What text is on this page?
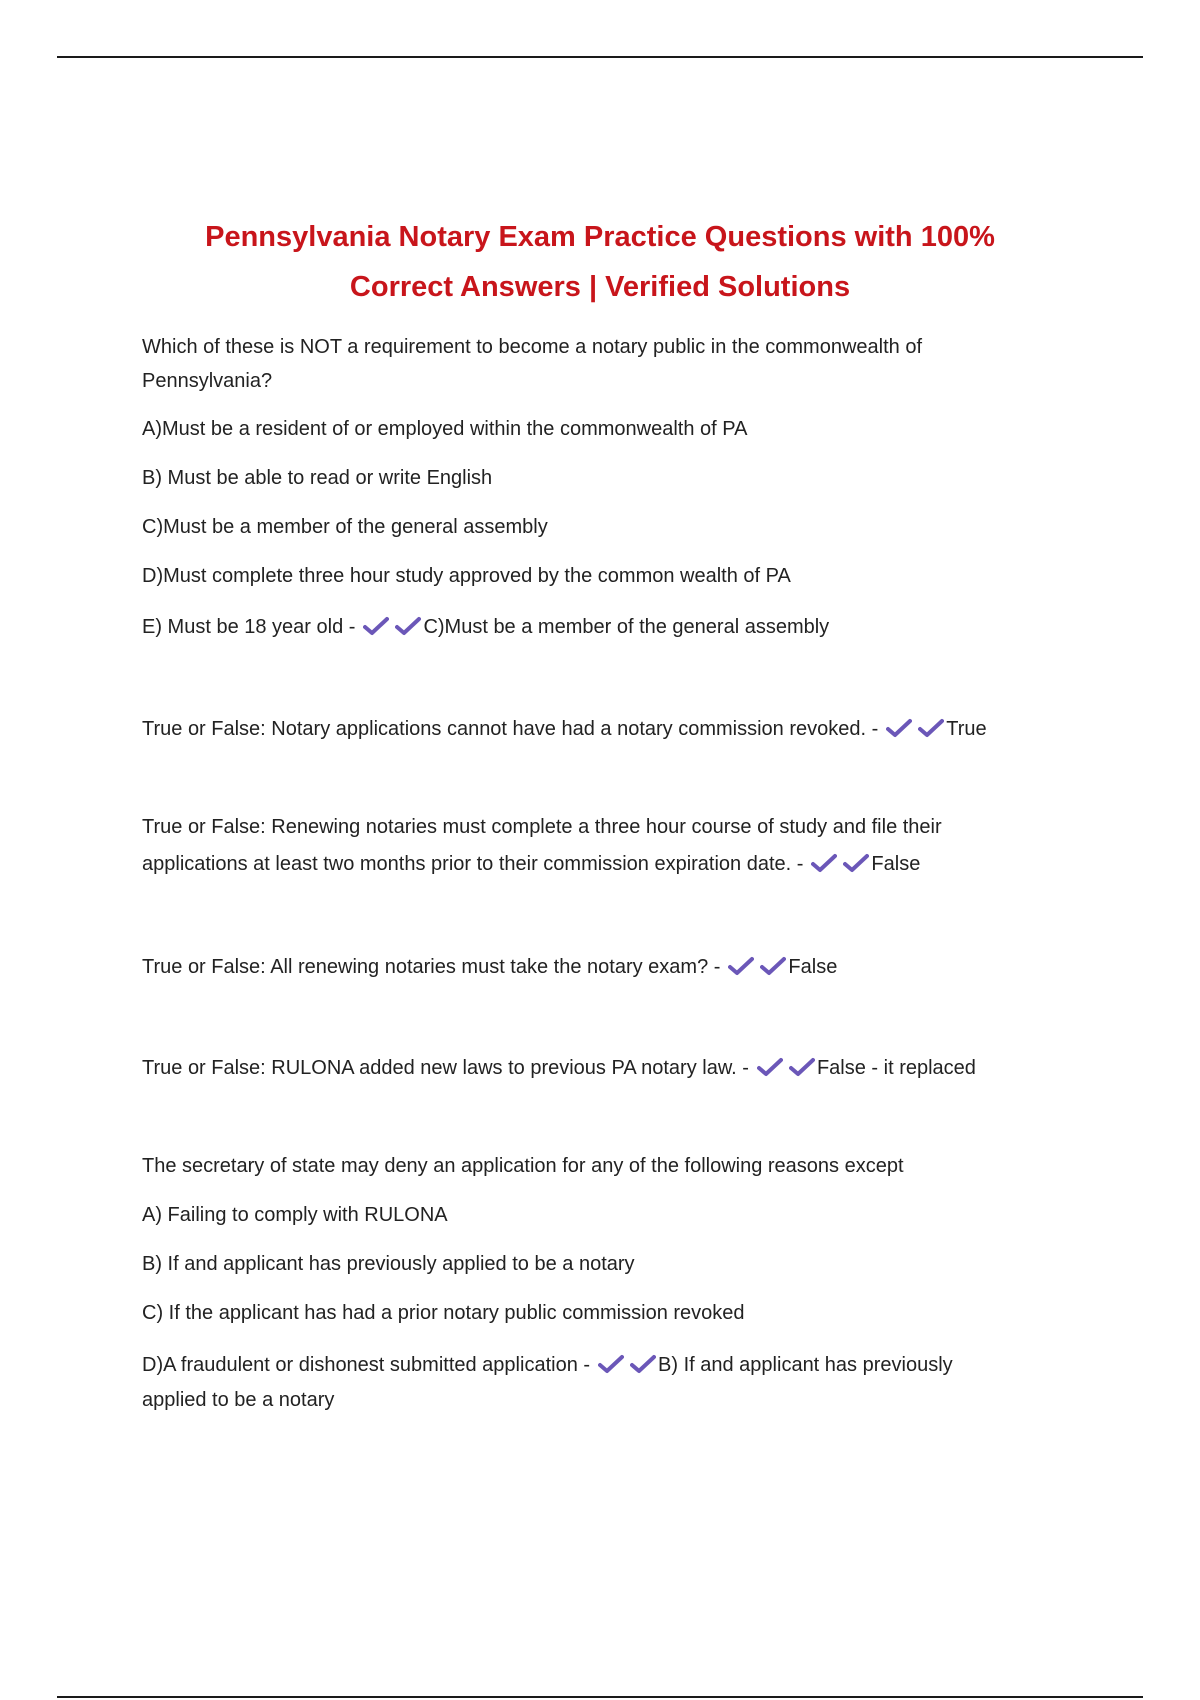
Pennsylvania Notary Exam Practice Questions with 100%
Correct Answers | Verified Solutions
Which of these is NOT a requirement to become a notary public in the commonwealth of
Pennsylvania?
A)Must be a resident of or employed within the commonwealth of PA
B) Must be able to read or write English
C)Must be a member of the general assembly
D)Must complete three hour study approved by the common wealth of PA
E) Must be 18 year old -	C)Must be a member of the general assembly
True or False: Notary applications cannot have had a notary commission revoked. -	True
True or False: Renewing notaries must complete a three hour course of study and file their
applications at least two months prior to their commission expiration date. -	False
True or False: All renewing notaries must take the notary exam? -	False
True or False: RULONA added new laws to previous PA notary law. -	False - it replaced
The secretary of state may deny an application for any of the following reasons except
A) Failing to comply with RULONA
B) If and applicant has previously applied to be a notary
C) If the applicant has had a prior notary public commission revoked
D)A fraudulent or dishonest submitted application -	B) If and applicant has previously
applied to be a notary
